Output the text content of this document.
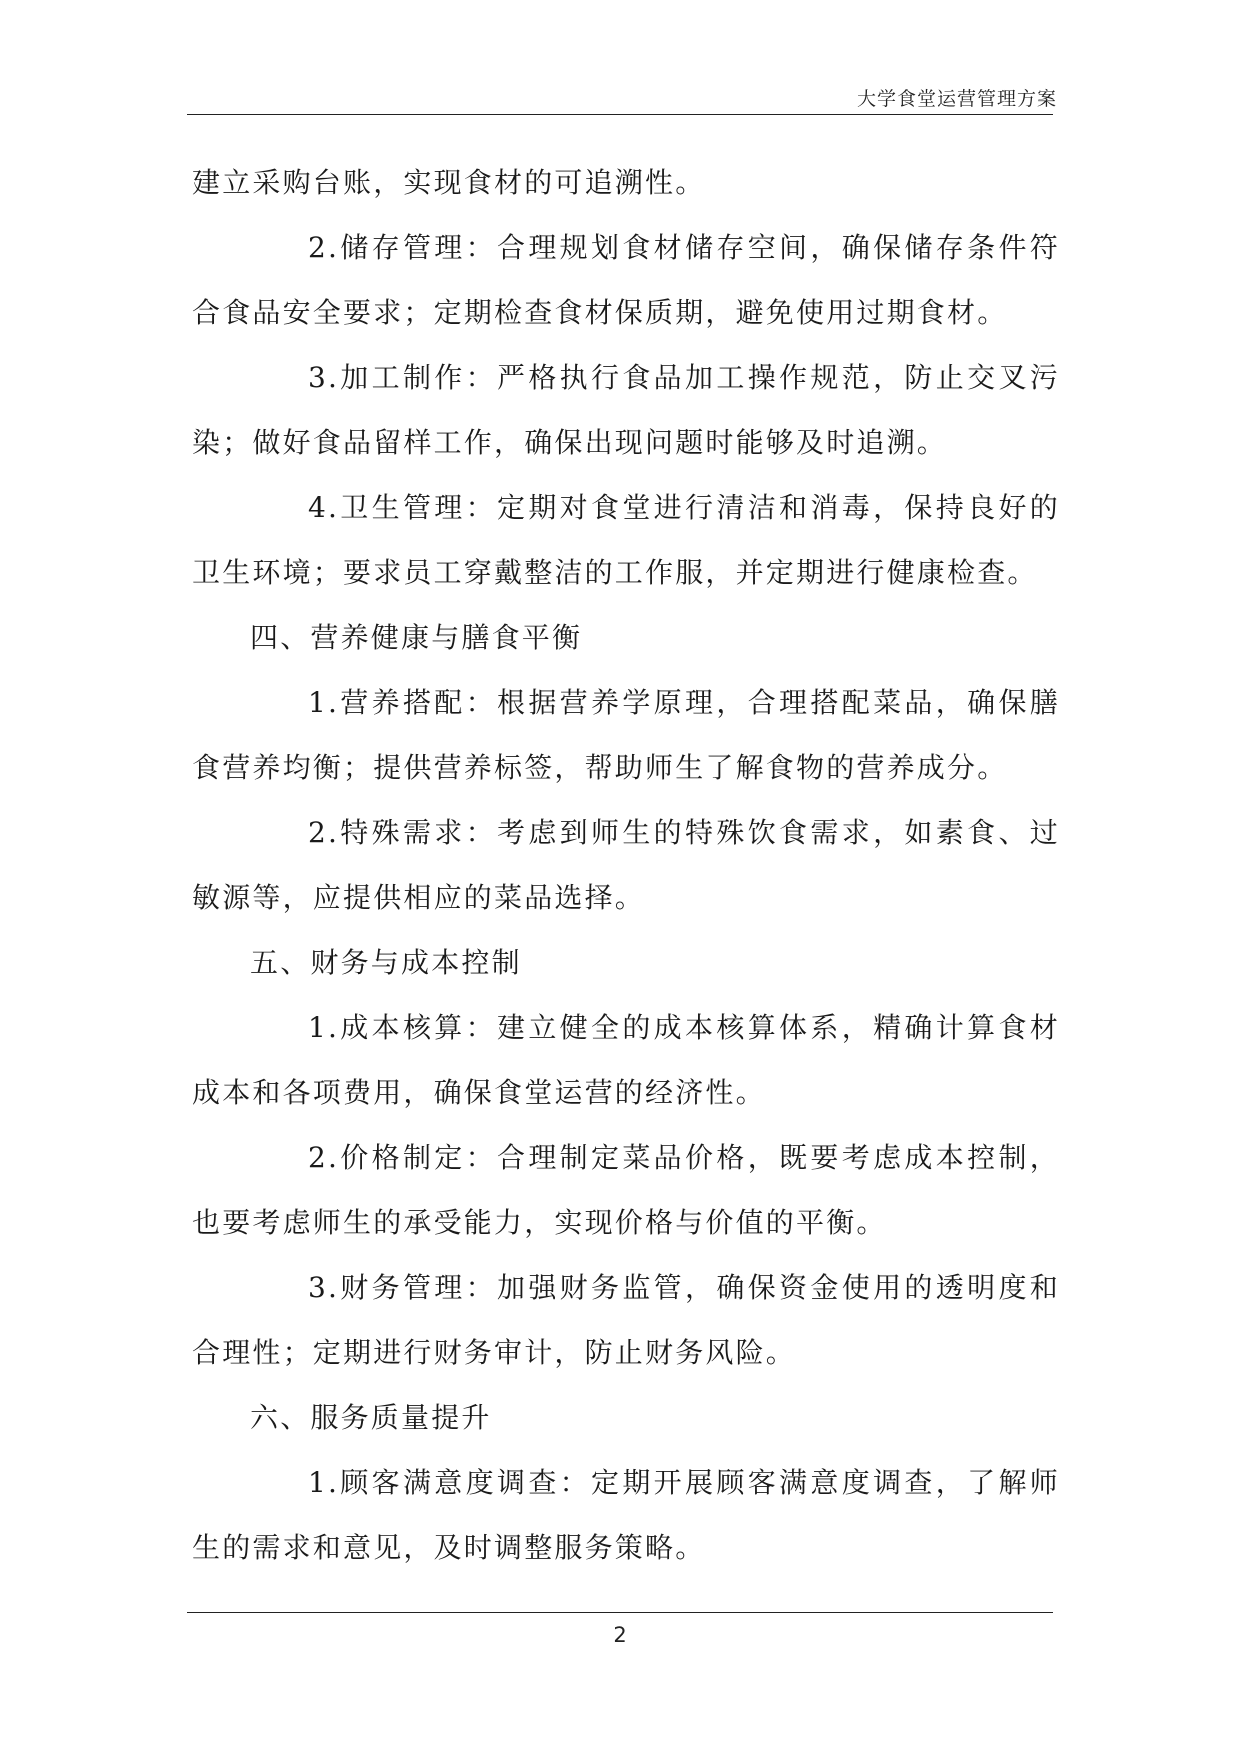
大学食堂运营管理方案

建立采购台账，实现食材的可追溯性。

2.储存管理：合理规划食材储存空间，确保储存条件符合食品安全要求；定期检查食材保质期，避免使用过期食材。

3.加工制作：严格执行食品加工操作规范，防止交叉污染；做好食品留样工作，确保出现问题时能够及时追溯。

4.卫生管理：定期对食堂进行清洁和消毒，保持良好的卫生环境；要求员工穿戴整洁的工作服，并定期进行健康检查。

四、营养健康与膳食平衡

1.营养搭配：根据营养学原理，合理搭配菜品，确保膳食营养均衡；提供营养标签，帮助师生了解食物的营养成分。

2.特殊需求：考虑到师生的特殊饮食需求，如素食、过敏源等，应提供相应的菜品选择。

五、财务与成本控制

1.成本核算：建立健全的成本核算体系，精确计算食材成本和各项费用，确保食堂运营的经济性。

2.价格制定：合理制定菜品价格，既要考虑成本控制，也要考虑师生的承受能力，实现价格与价值的平衡。

3.财务管理：加强财务监管，确保资金使用的透明度和合理性；定期进行财务审计，防止财务风险。

六、服务质量提升

1.顾客满意度调查：定期开展顾客满意度调查，了解师生的需求和意见，及时调整服务策略。

2
